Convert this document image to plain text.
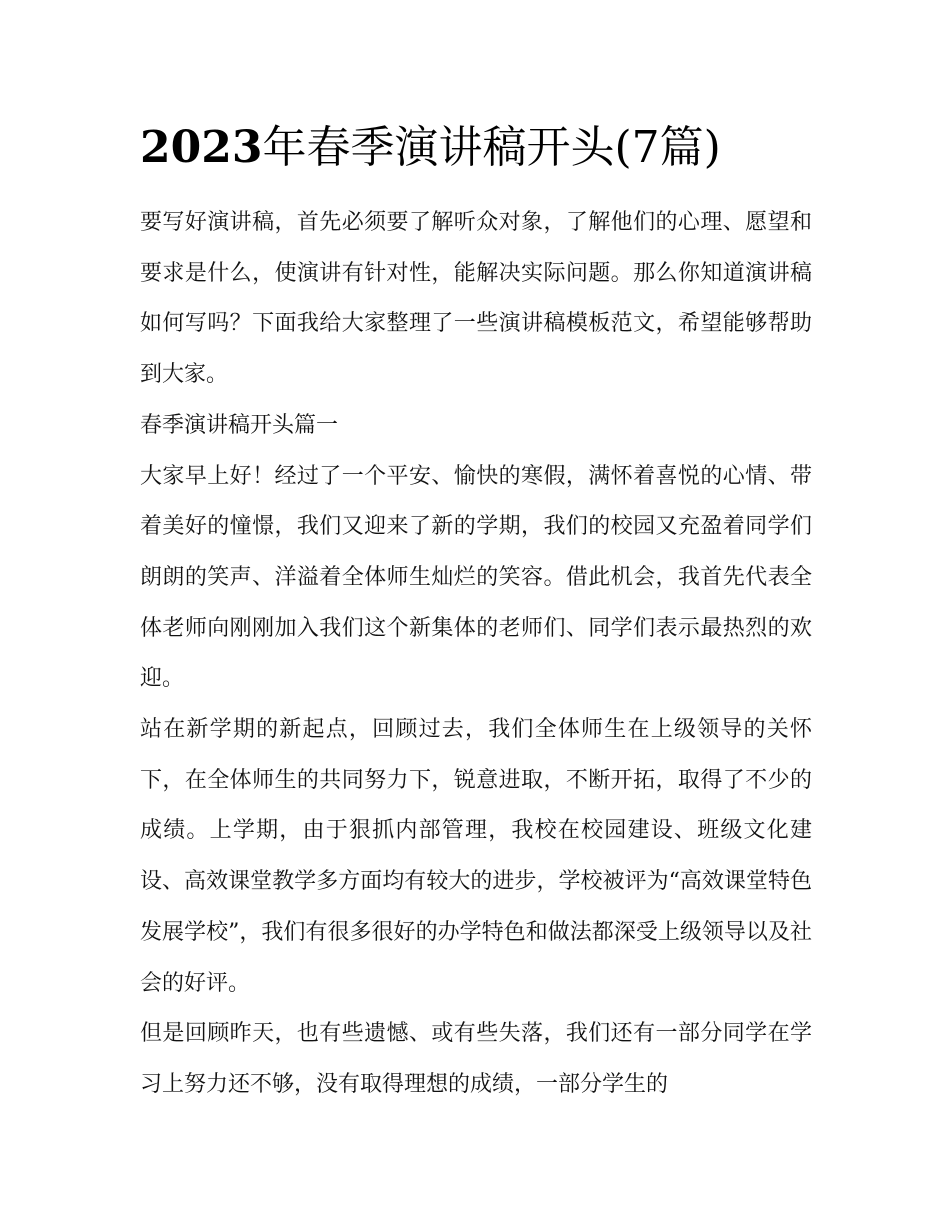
2023年春季演讲稿开头(7篇)

要写好演讲稿，首先必须要了解听众对象，了解他们的心理、愿望和要求是什么，使演讲有针对性，能解决实际问题。那么你知道演讲稿如何写吗？下面我给大家整理了一些演讲稿模板范文，希望能够帮助到大家。

春季演讲稿开头篇一

大家早上好！经过了一个平安、愉快的寒假，满怀着喜悦的心情、带着美好的憧憬，我们又迎来了新的学期，我们的校园又充盈着同学们朗朗的笑声、洋溢着全体师生灿烂的笑容。借此机会，我首先代表全体老师向刚刚加入我们这个新集体的老师们、同学们表示最热烈的欢迎。

站在新学期的新起点，回顾过去，我们全体师生在上级领导的关怀下，在全体师生的共同努力下，锐意进取，不断开拓，取得了不少的成绩。上学期，由于狠抓内部管理，我校在校园建设、班级文化建设、高效课堂教学多方面均有较大的进步，学校被评为“高效课堂特色发展学校”，我们有很多很好的办学特色和做法都深受上级领导以及社会的好评。

但是回顾昨天，也有些遗憾、或有些失落，我们还有一部分同学在学习上努力还不够，没有取得理想的成绩，一部分学生的
